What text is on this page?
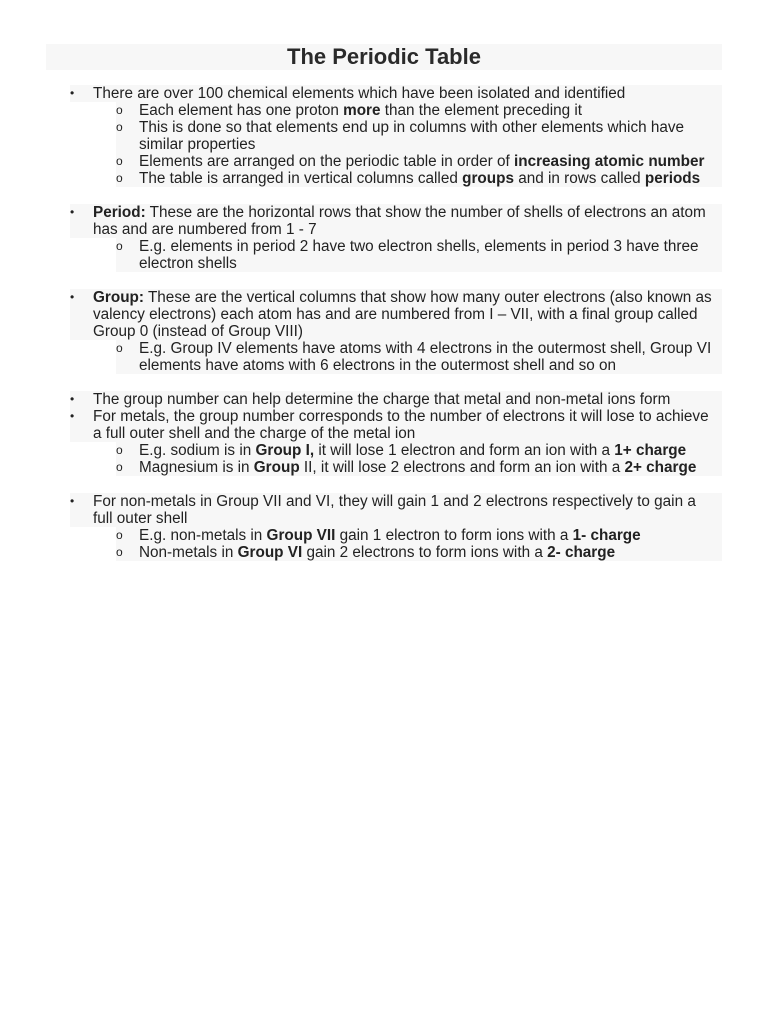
The Periodic Table
There are over 100 chemical elements which have been isolated and identified
•
Each element has one proton more than the element preceding it
o
This is done so that elements end up in columns with other elements which have
similar properties
o
Elements are arranged on the periodic table in order of increasing atomic number
o
The table is arranged in vertical columns called groups and in rows called periods
o
Period: These are the horizontal rows that show the number of shells of electrons an atom
has and are numbered from 1 - 7
•
E.g. elements in period 2 have two electron shells, elements in period 3 have three
electron shells
o
Group: These are the vertical columns that show how many outer electrons (also known as
valency electrons) each atom has and are numbered from I – VII, with a final group called
Group 0 (instead of Group VIII)
•
E.g. Group IV elements have atoms with 4 electrons in the outermost shell, Group VI
elements have atoms with 6 electrons in the outermost shell and so on
o
The group number can help determine the charge that metal and non-metal ions form
•
For metals, the group number corresponds to the number of electrons it will lose to achieve
a full outer shell and the charge of the metal ion
•
E.g. sodium is in Group I, it will lose 1 electron and form an ion with a 1+ charge
o
Magnesium is in Group II, it will lose 2 electrons and form an ion with a 2+ charge
o
For non-metals in Group VII and VI, they will gain 1 and 2 electrons respectively to gain a
full outer shell
•
E.g. non-metals in Group VII gain 1 electron to form ions with a 1- charge
o
Non-metals in Group VI gain 2 electrons to form ions with a 2- charge
o
